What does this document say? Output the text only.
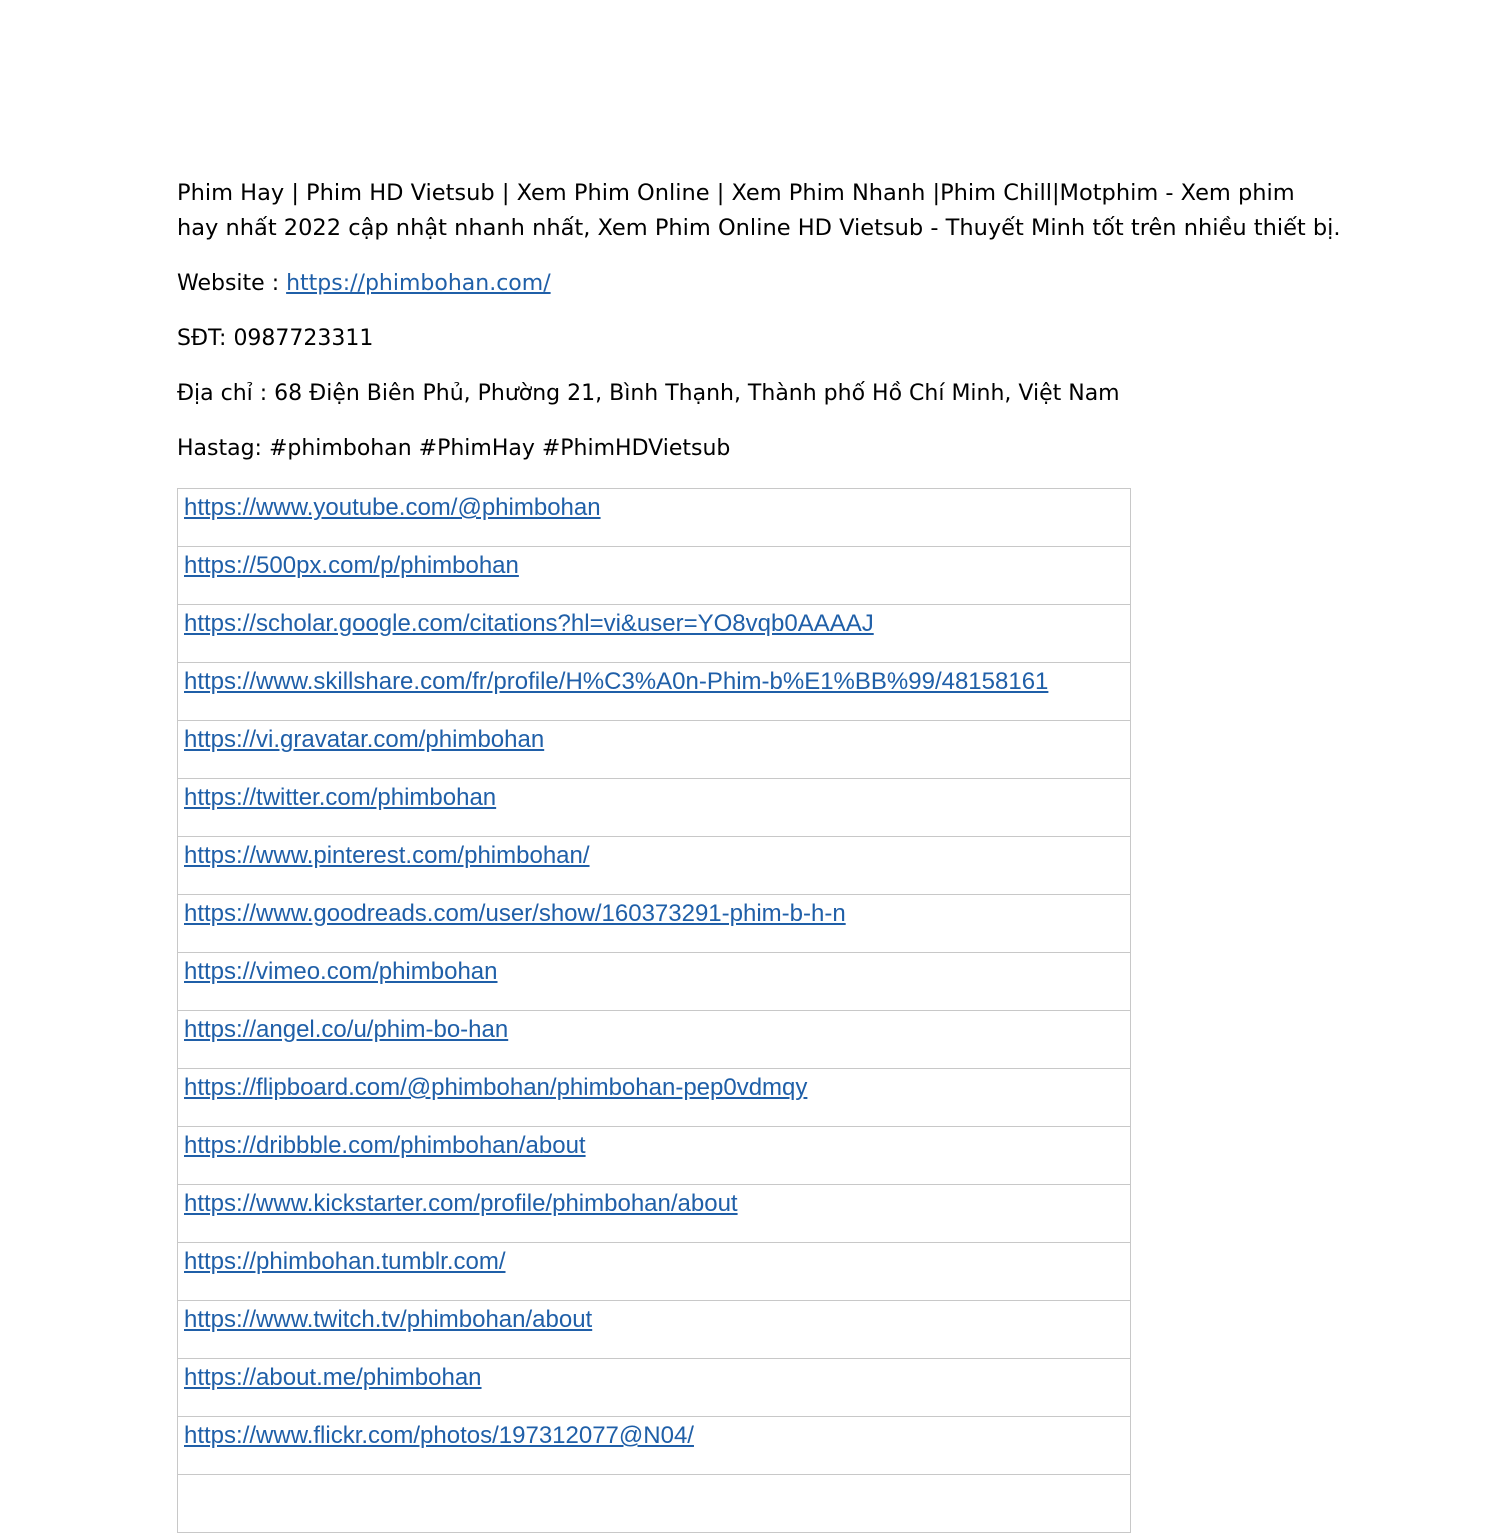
Phim Hay | Phim HD Vietsub | Xem Phim Online | Xem Phim Nhanh |Phim Chill|Motphim - Xem phim
hay nhất 2022 cập nhật nhanh nhất, Xem Phim Online HD Vietsub - Thuyết Minh tốt trên nhiều thiết bị.
Website : https://phimbohan.com/
SĐT: 0987723311
Địa chỉ : 68 Điện Biên Phủ, Phường 21, Bình Thạnh, Thành phố Hồ Chí Minh, Việt Nam
Hastag: #phimbohan #PhimHay #PhimHDVietsub
https://www.youtube.com/@phimbohan

https://500px.com/p/phimbohan

https://scholar.google.com/citations?hl=vi&user=YO8vqb0AAAAJ

https://www.skillshare.com/fr/profile/H%C3%A0n-Phim-b%E1%BB%99/48158161

https://vi.gravatar.com/phimbohan

https://twitter.com/phimbohan

https://www.pinterest.com/phimbohan/

https://www.goodreads.com/user/show/160373291-phim-b-h-n

https://vimeo.com/phimbohan

https://angel.co/u/phim-bo-han

https://flipboard.com/@phimbohan/phimbohan-pep0vdmqy

https://dribbble.com/phimbohan/about

https://www.kickstarter.com/profile/phimbohan/about

https://phimbohan.tumblr.com/

https://www.twitch.tv/phimbohan/about

https://about.me/phimbohan

https://www.flickr.com/photos/197312077@N04/
